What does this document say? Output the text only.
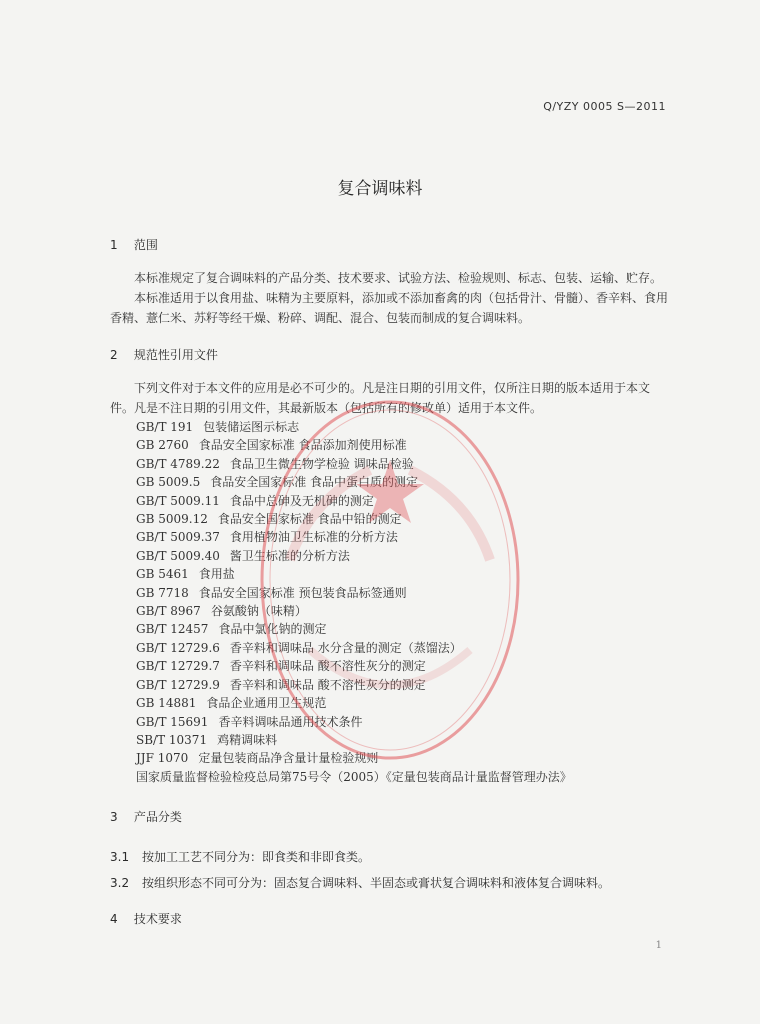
Q/YZY 0005 S—2011
复合调味料
1 范围
本标准规定了复合调味料的产品分类、技术要求、试验方法、检验规则、标志、包装、运输、贮存。
本标准适用于以食用盐、味精为主要原料，添加或不添加畜禽的肉（包括骨汁、骨髓）、香辛料、食用香精、薏仁米、苏籽等经干燥、粉碎、调配、混合、包装而制成的复合调味料。
2 规范性引用文件
下列文件对于本文件的应用是必不可少的。凡是注日期的引用文件，仅所注日期的版本适用于本文件。凡是不注日期的引用文件，其最新版本（包括所有的修改单）适用于本文件。
GB/T 191 包装储运图示标志
GB 2760 食品安全国家标准 食品添加剂使用标准
GB/T 4789.22 食品卫生微生物学检验 调味品检验
GB 5009.5 食品安全国家标准 食品中蛋白质的测定
GB/T 5009.11 食品中总砷及无机砷的测定
GB 5009.12 食品安全国家标准 食品中铅的测定
GB/T 5009.37 食用植物油卫生标准的分析方法
GB/T 5009.40 酱卫生标准的分析方法
GB 5461 食用盐
GB 7718 食品安全国家标准 预包装食品标签通则
GB/T 8967 谷氨酸钠（味精）
GB/T 12457 食品中氯化钠的测定
GB/T 12729.6 香辛料和调味品 水分含量的测定（蒸馏法）
GB/T 12729.7 香辛料和调味品 酸不溶性灰分的测定
GB/T 12729.9 香辛料和调味品 酸不溶性灰分的测定
GB 14881 食品企业通用卫生规范
GB/T 15691 香辛料调味品通用技术条件
SB/T 10371 鸡精调味料
JJF 1070 定量包装商品净含量计量检验规则
国家质量监督检验检疫总局第75号令（2005）《定量包装商品计量监督管理办法》
3 产品分类
3.1 按加工工艺不同分为：即食类和非即食类。
3.2 按组织形态不同可分为：固态复合调味料、半固态或膏状复合调味料和液体复合调味料。
4 技术要求
1
